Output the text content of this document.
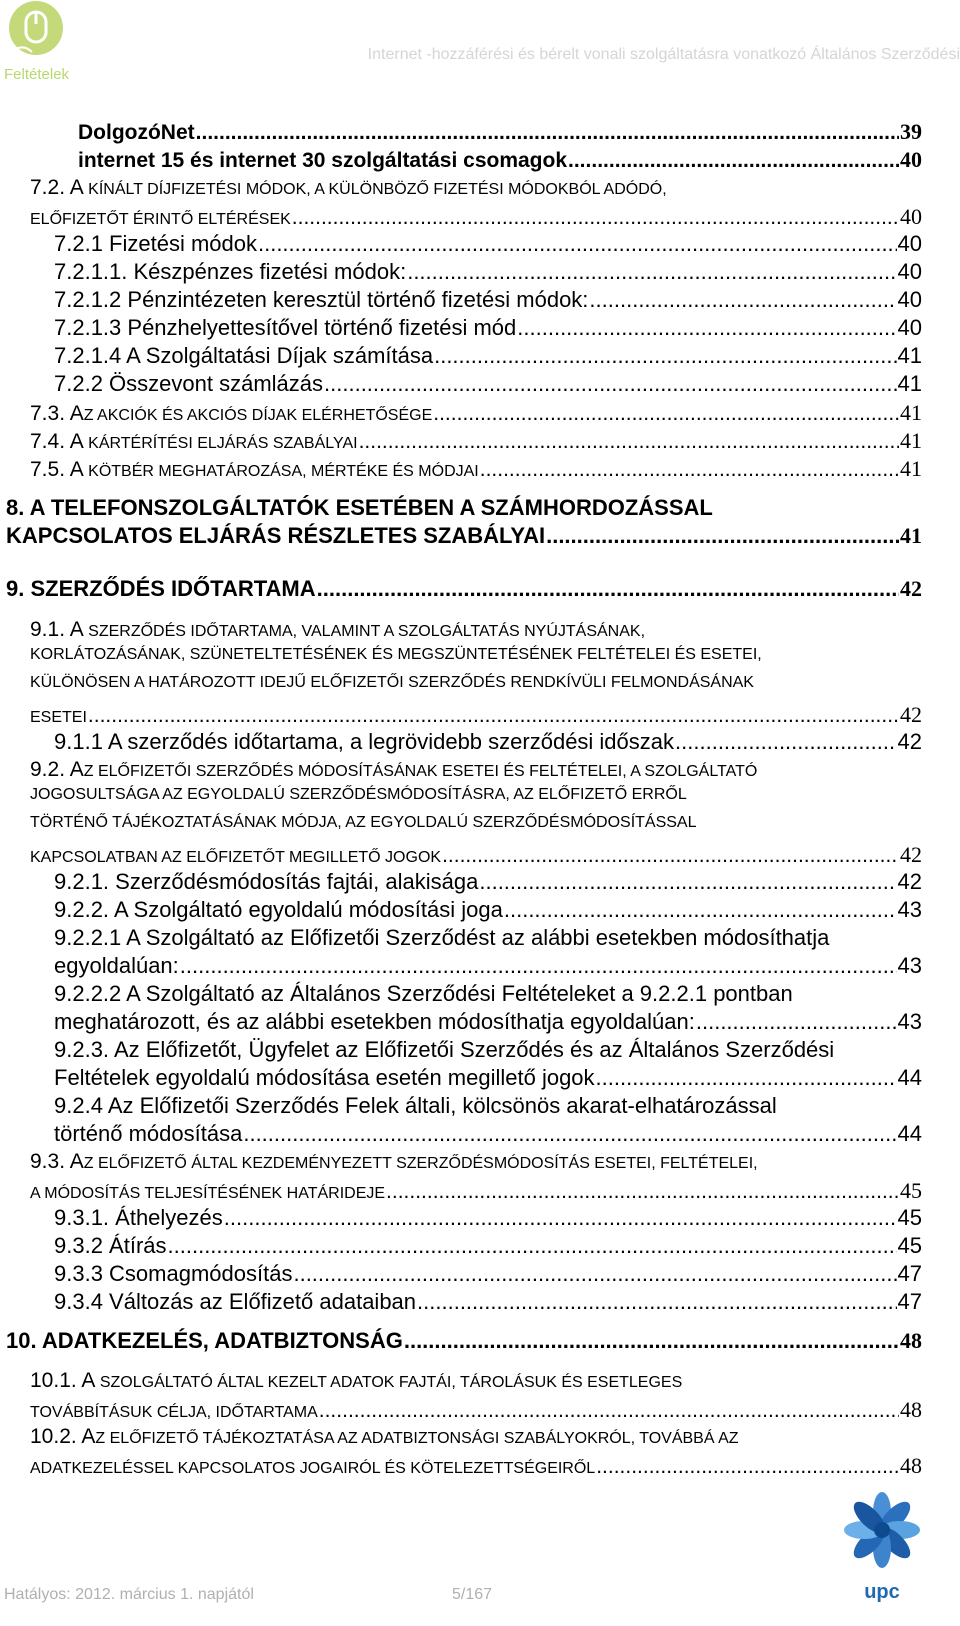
Feltételek
Internet -hozzáférési és bérelt vonali szolgáltatásra vonatkozó Általános Szerződési
DolgozóNet .....	39
internet 15 és internet 30 szolgáltatási csomagok .....	40
7.2. A KÍNÁLT DÍJFIZETÉSI MÓDOK, A KÜLÖNBÖZŐ FIZETÉSI MÓDOKBÓL ADÓDÓ,
ELŐFIZETŐT ÉRINTŐ ELTÉRÉSEK .....	40
7.2.1 Fizetési módok .....	40
7.2.1.1. Készpénzes fizetési módok: .....	40
7.2.1.2 Pénzintézeten keresztül történő fizetési módok: .....	40
7.2.1.3 Pénzhelyettesítővel történő fizetési mód .....	40
7.2.1.4 A Szolgáltatási Díjak számítása .....	41
7.2.2 Összevont számlázás .....	41
7.3. AZ AKCIÓK ÉS AKCIÓS DÍJAK ELÉRHETŐSÉGE .....	41
7.4. A KÁRTÉRÍTÉSI ELJÁRÁS SZABÁLYAI .....	41
7.5. A KÖTBÉR MEGHATÁROZÁSA, MÉRTÉKE ÉS MÓDJAI .....	41
8. A TELEFONSZOLGÁLTATÓK ESETÉBEN A SZÁMHORDOZÁSSAL
KAPCSOLATOS ELJÁRÁS RÉSZLETES SZABÁLYAI .....	41
9. SZERZŐDÉS IDŐTARTAMA .....	42
9.1. A SZERZŐDÉS IDŐTARTAMA, VALAMINT A SZOLGÁLTATÁS NYÚJTÁSÁNAK,
KORLÁTOZÁSÁNAK, SZÜNETELTETÉSÉNEK ÉS MEGSZÜNTETÉSÉNEK FELTÉTELEI ÉS ESETEI,
KÜLÖNÖSEN A HATÁROZOTT IDEJŰ ELŐFIZETŐI SZERZŐDÉS RENDKÍVÜLI FELMONDÁSÁNAK
ESETEI .....	42
9.1.1 A szerződés időtartama, a legrövidebb szerződési időszak .....	42
9.2. AZ ELŐFIZETŐI SZERZŐDÉS MÓDOSÍTÁSÁNAK ESETEI ÉS FELTÉTELEI, A SZOLGÁLTATÓ
JOGOSULTSÁGA AZ EGYOLDALÚ SZERZŐDÉSMÓDOSÍTÁSRA, AZ ELŐFIZETŐ ERRŐL
TÖRTÉNŐ TÁJÉKOZTATÁSÁNAK MÓDJA, AZ EGYOLDALÚ SZERZŐDÉSMÓDOSÍTÁSSAL
KAPCSOLATBAN AZ ELŐFIZETŐT MEGILLETŐ JOGOK .....	42
9.2.1. Szerződésmódosítás fajtái, alakisága .....	42
9.2.2. A Szolgáltató egyoldalú módosítási joga .....	43
9.2.2.1 A Szolgáltató az Előfizetői Szerződést az alábbi esetekben módosíthatja
egyoldalúan: .....	43
9.2.2.2 A Szolgáltató az Általános Szerződési Feltételeket a 9.2.2.1 pontban
meghatározott, és az alábbi esetekben módosíthatja egyoldalúan: .....	43
9.2.3. Az Előfizetőt, Ügyfelet az Előfizetői Szerződés és az Általános Szerződési
Feltételek egyoldalú módosítása esetén megillető jogok .....	44
9.2.4 Az Előfizetői Szerződés Felek általi, kölcsönös akarat-elhatározással
történő módosítása .....	44
9.3. AZ ELŐFIZETŐ ÁLTAL KEZDEMÉNYEZETT SZERZŐDÉSMÓDOSÍTÁS ESETEI, FELTÉTELEI,
A MÓDOSÍTÁS TELJESÍTÉSÉNEK HATÁRIDEJE .....	45
9.3.1. Áthelyezés .....	45
9.3.2 Átírás .....	45
9.3.3 Csomagmódosítás .....	47
9.3.4 Változás az Előfizető adataiban .....	47
10. ADATKEZELÉS, ADATBIZTONSÁG .....	48
10.1. A SZOLGÁLTATÓ ÁLTAL KEZELT ADATOK FAJTÁI, TÁROLÁSUK ÉS ESETLEGES
TOVÁBBÍTÁSUK CÉLJA, IDŐTARTAMA .....	48
10.2. AZ ELŐFIZETŐ TÁJÉKOZTATÁSA AZ ADATBIZTONSÁGI SZABÁLYOKRÓL, TOVÁBBÁ AZ
ADATKEZELÉSSEL KAPCSOLATOS JOGAIRÓL ÉS KÖTELEZETTSÉGEIRŐL .....	48
Hatályos: 2012. március 1. napjától	5/167	upc
